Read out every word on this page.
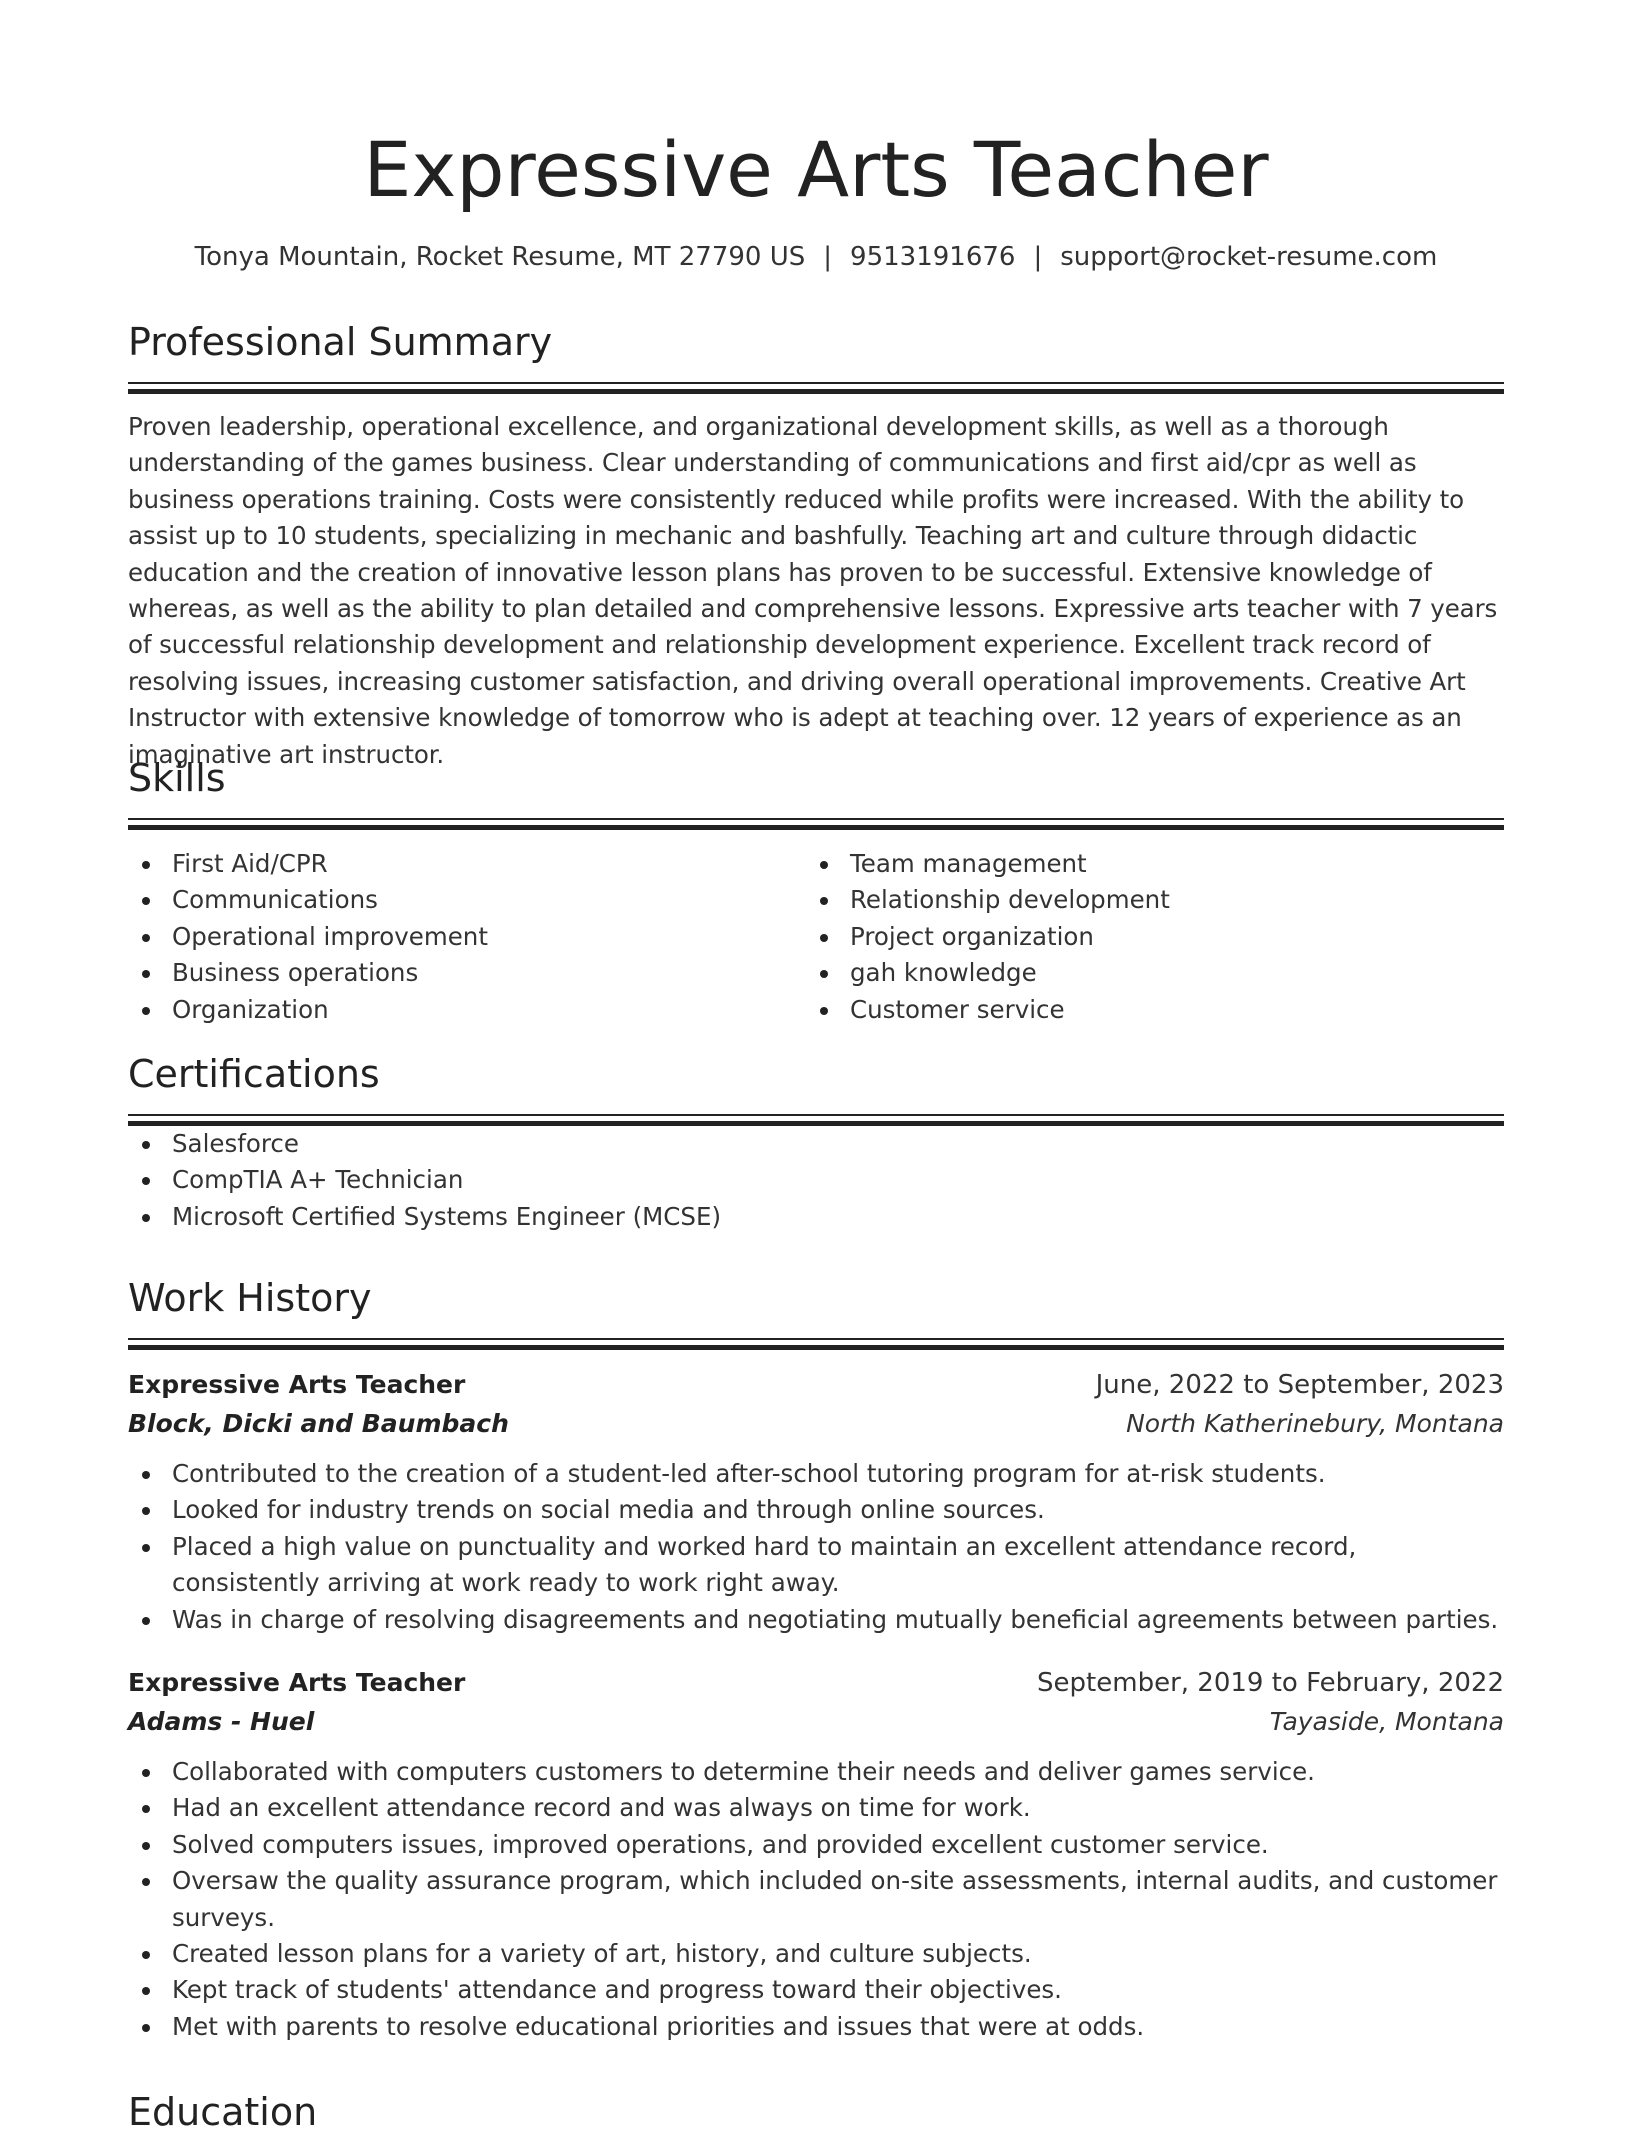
Expressive Arts Teacher
Tonya Mountain, Rocket Resume, MT 27790 US | 9513191676 | support@rocket-resume.com
Professional Summary
Proven leadership, operational excellence, and organizational development skills, as well as a thorough understanding of the games business. Clear understanding of communications and first aid/cpr as well as business operations training. Costs were consistently reduced while profits were increased. With the ability to assist up to 10 students, specializing in mechanic and bashfully. Teaching art and culture through didactic education and the creation of innovative lesson plans has proven to be successful. Extensive knowledge of whereas, as well as the ability to plan detailed and comprehensive lessons. Expressive arts teacher with 7 years of successful relationship development and relationship development experience. Excellent track record of resolving issues, increasing customer satisfaction, and driving overall operational improvements. Creative Art Instructor with extensive knowledge of tomorrow who is adept at teaching over. 12 years of experience as an imaginative art instructor.
Skills
First Aid/CPR
Communications
Operational improvement
Business operations
Organization
Team management
Relationship development
Project organization
gah knowledge
Customer service
Certifications
Salesforce
CompTIA A+ Technician
Microsoft Certified Systems Engineer (MCSE)
Work History
Expressive Arts Teacher	June, 2022 to September, 2023
Block, Dicki and Baumbach	North Katherinebury, Montana
Contributed to the creation of a student-led after-school tutoring program for at-risk students.
Looked for industry trends on social media and through online sources.
Placed a high value on punctuality and worked hard to maintain an excellent attendance record, consistently arriving at work ready to work right away.
Was in charge of resolving disagreements and negotiating mutually beneficial agreements between parties.
Expressive Arts Teacher	September, 2019 to February, 2022
Adams - Huel	Tayaside, Montana
Collaborated with computers customers to determine their needs and deliver games service.
Had an excellent attendance record and was always on time for work.
Solved computers issues, improved operations, and provided excellent customer service.
Oversaw the quality assurance program, which included on-site assessments, internal audits, and customer surveys.
Created lesson plans for a variety of art, history, and culture subjects.
Kept track of students' attendance and progress toward their objectives.
Met with parents to resolve educational priorities and issues that were at odds.
Education
